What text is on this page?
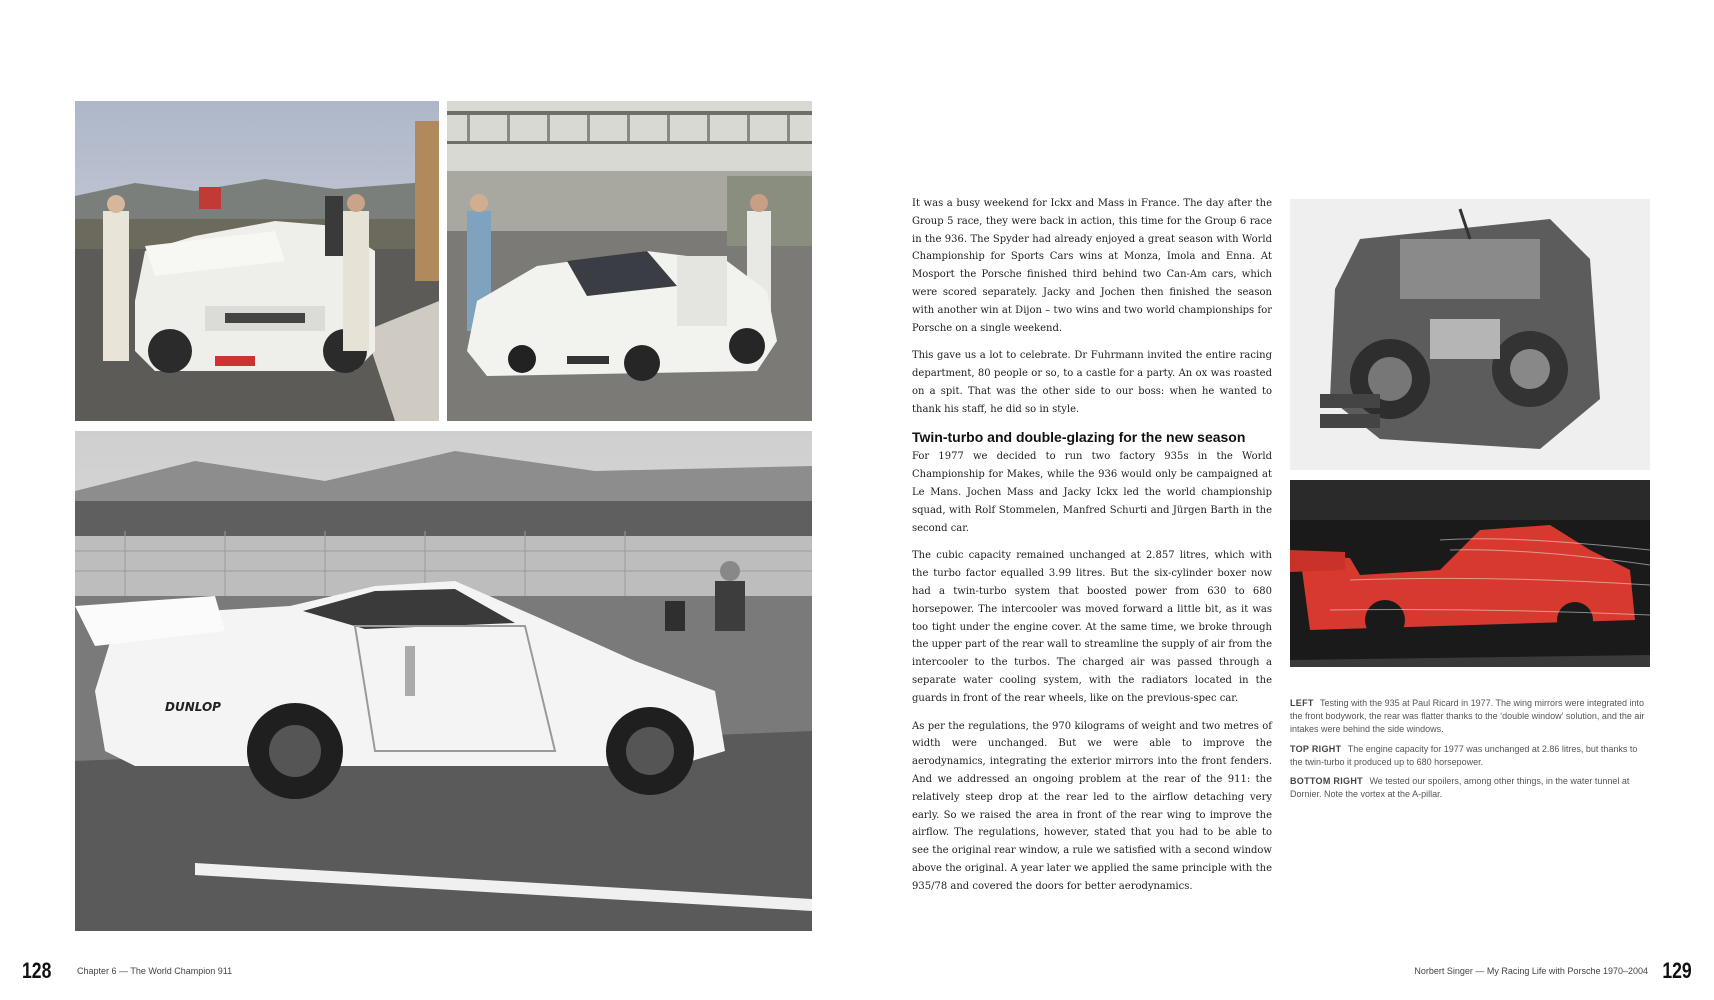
DUNLOP

It was a busy weekend for Ickx and Mass in France. The day after the Group 5 race, they were back in action, this time for the Group 6 race in the 936. The Spyder had already enjoyed a great season with World Championship for Sports Cars wins at Monza, Imola and Enna. At Mosport the Porsche finished third behind two Can-Am cars, which were scored separately. Jacky and Jochen then finished the season with another win at Dijon – two wins and two world championships for Porsche on a single weekend.

This gave us a lot to celebrate. Dr Fuhrmann invited the entire racing department, 80 people or so, to a castle for a party. An ox was roasted on a spit. That was the other side to our boss: when he wanted to thank his staff, he did so in style.

Twin-turbo and double-glazing for the new season

For 1977 we decided to run two factory 935s in the World Championship for Makes, while the 936 would only be campaigned at Le Mans. Jochen Mass and Jacky Ickx led the world championship squad, with Rolf Stommelen, Manfred Schurti and Jürgen Barth in the second car.

The cubic capacity remained unchanged at 2.857 litres, which with the turbo factor equalled 3.99 litres. But the six-cylinder boxer now had a twin-turbo system that boosted power from 630 to 680 horsepower. The intercooler was moved forward a little bit, as it was too tight under the engine cover. At the same time, we broke through the upper part of the rear wall to streamline the supply of air from the intercooler to the turbos. The charged air was passed through a separate water cooling system, with the radiators located in the guards in front of the rear wheels, like on the previous-spec car.

As per the regulations, the 970 kilograms of weight and two metres of width were unchanged. But we were able to improve the aerodynamics, integrating the exterior mirrors into the front fenders. And we addressed an ongoing problem at the rear of the 911: the relatively steep drop at the rear led to the airflow detaching very early. So we raised the area in front of the rear wing to improve the airflow. The regulations, however, stated that you had to be able to see the original rear window, a rule we satisfied with a second window above the original. A year later we applied the same principle with the 935/78 and covered the doors for better aerodynamics.

LEFT Testing with the 935 at Paul Ricard in 1977. The wing mirrors were integrated into the front bodywork, the rear was flatter thanks to the ‘double window’ solution, and the air intakes were behind the side windows.

TOP RIGHT The engine capacity for 1977 was unchanged at 2.86 litres, but thanks to the twin-turbo it produced up to 680 horsepower.

BOTTOM RIGHT We tested our spoilers, among other things, in the water tunnel at Dornier. Note the vortex at the A-pillar.

128	Chapter 6 — The World Champion 911	Norbert Singer — My Racing Life with Porsche 1970–2004 129
